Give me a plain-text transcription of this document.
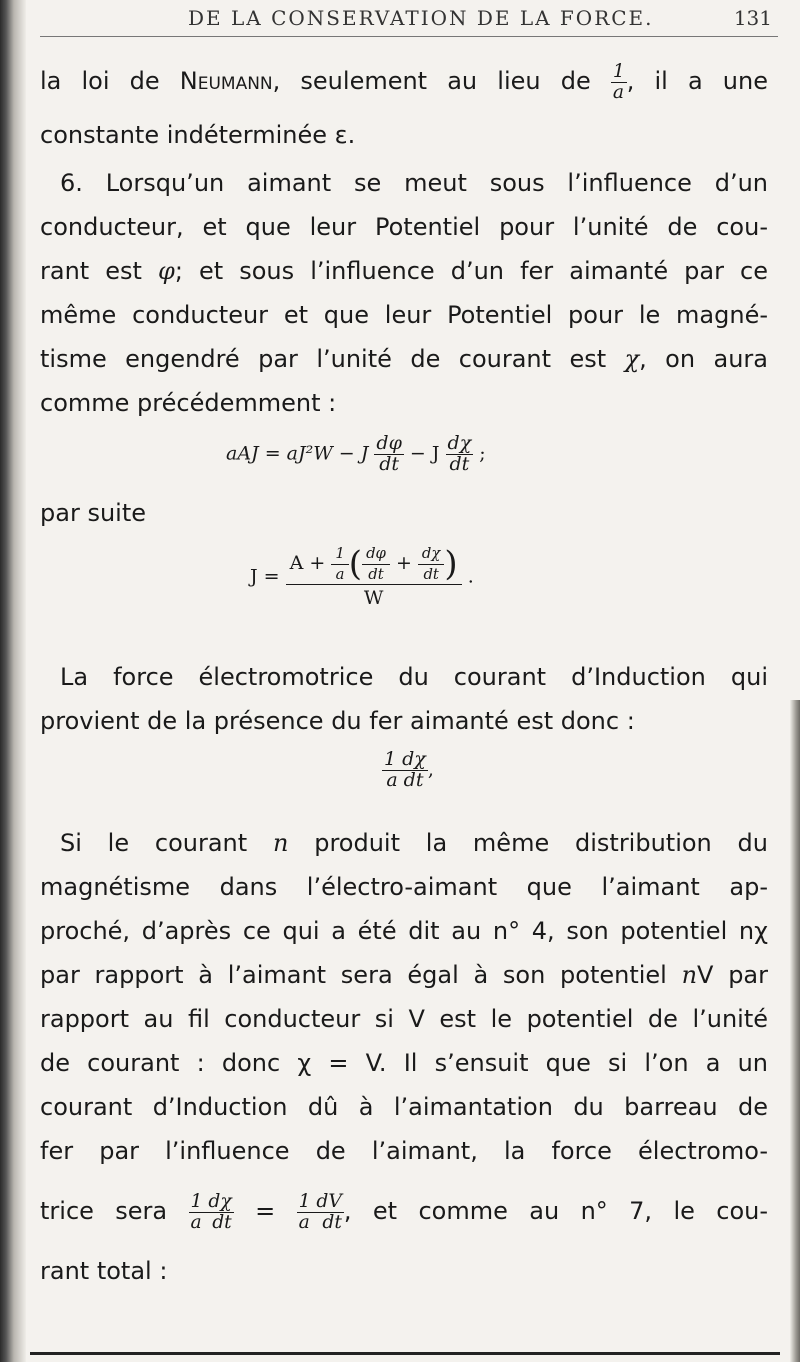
DE LA CONSERVATION DE LA FORCE.	131
la loi de Neumann, seulement au lieu de $\frac{1}{a}$ , il a une
constante indéterminée ε.
6. Lorsqu’un aimant se meut sous l’influence d’un
conducteur, et que leur Potentiel pour l’unité de cou-
rant est φ; et sous l’influence d’un fer aimanté par ce
même conducteur et que leur Potentiel pour le magné-
tisme engendré par l’unité de courant est χ, on aura
comme précédemment :
aAJ = aJ²W − J $\frac{d\varphi}{dt} - J \frac{d\chi}{dt}$ ;
par suite
J =
$A + \frac{1}{a}$ ( $\frac{d\varphi}{dt} + \frac{d\chi}{dt}$ )
W
.
La force électromotrice du courant d’Induction qui
provient de la présence du fer aimanté est donc :
$\frac{1 d\chi}{\text{a dt}}$ ,
Si le courant n produit la même distribution du
magnétisme dans l’électro-aimant que l’aimant ap-
proché, d’après ce qui a été dit au n° 4, son potentiel nχ
par rapport à l’aimant sera égal à son potentiel nV par
rapport au fil conducteur si V est le potentiel de l’unité
de courant : donc χ = V. Il s’ensuit que si l’on a un
courant d’Induction dû à l’aimantation du barreau de
fer par l’influence de l’aimant, la force électromo-
trice sera $\frac{1 d\chi}{\text{a dt}} = \frac{1 dV}{\text{a dt}}$ , et comme au n° 7, le cou-
rant total :
